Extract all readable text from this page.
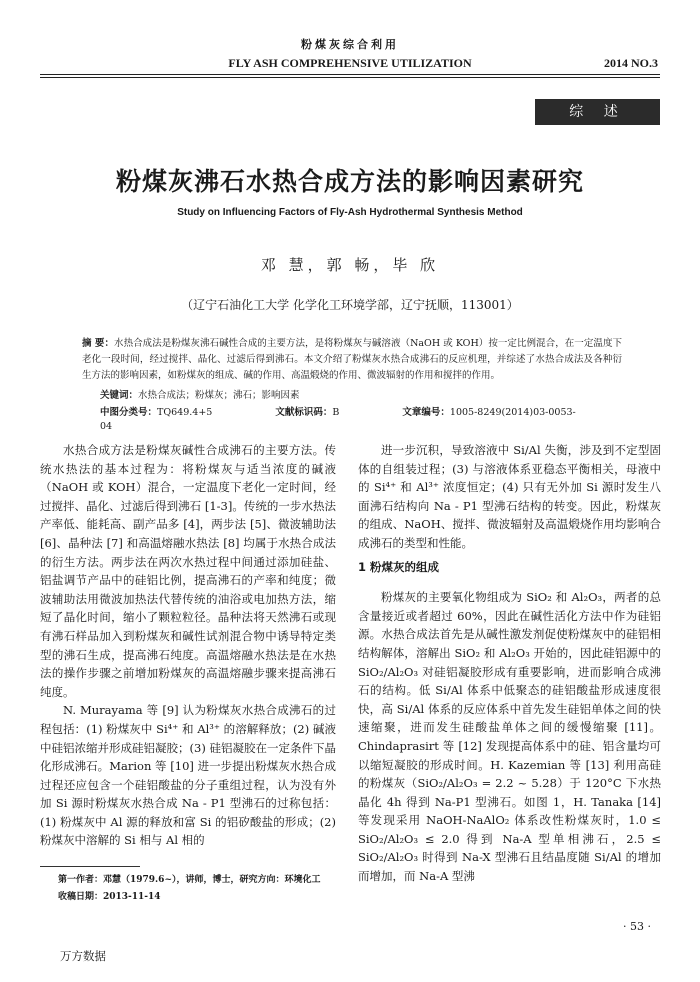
粉煤灰综合利用
FLY ASH COMPREHENSIVE UTILIZATION	2014 NO.3
综 述
粉煤灰沸石水热合成方法的影响因素研究
Study on Influencing Factors of Fly-Ash Hydrothermal Synthesis Method
邓 慧，郭 畅，毕 欣
（辽宁石油化工大学 化学化工环境学部，辽宁抚顺，113001）
摘 要：水热合成法是粉煤灰沸石碱性合成的主要方法，是将粉煤灰与碱溶液（NaOH 或 KOH）按一定比例混合，在一定温度下老化一段时间，经过搅拌、晶化、过滤后得到沸石。本文介绍了粉煤灰水热合成沸石的反应机理，并综述了水热合成法及各种衍生方法的影响因素，如粉煤灰的组成、碱的作用、高温煅烧的作用、微波辐射的作用和搅拌的作用。
关键词：水热合成法；粉煤灰；沸石；影响因素
中图分类号：TQ649.4+5	文献标识码：B	文章编号：1005-8249(2014)03-0053-04

水热合成方法是粉煤灰碱性合成沸石的主要方法。传统水热法的基本过程为：将粉煤灰与适当浓度的碱液（NaOH 或 KOH）混合，一定温度下老化一定时间，经过搅拌、晶化、过滤后得到沸石 [1-3]。传统的一步水热法产率低、能耗高、副产品多 [4]，两步法 [5]、微波辅助法 [6]、晶种法 [7] 和高温熔融水热法 [8] 均属于水热合成法的衍生方法。两步法在两次水热过程中间通过添加硅盐、铝盐调节产品中的硅铝比例，提高沸石的产率和纯度；微波辅助法用微波加热法代替传统的油浴或电加热方法，缩短了晶化时间，缩小了颗粒粒径。晶种法将天然沸石或现有沸石样品加入到粉煤灰和碱性试剂混合物中诱导特定类型的沸石生成，提高沸石纯度。高温熔融水热法是在水热法的操作步骤之前增加粉煤灰的高温熔融步骤来提高沸石纯度。

N. Murayama 等 [9] 认为粉煤灰水热合成沸石的过程包括：(1) 粉煤灰中 Si⁴⁺ 和 Al³⁺ 的溶解释放；(2) 碱液中硅铝浓缩并形成硅铝凝胶；(3) 硅铝凝胶在一定条件下晶化形成沸石。Marion 等 [10] 进一步提出粉煤灰水热合成过程还应包含一个硅铝酸盐的分子重组过程，认为没有外加 Si 源时粉煤灰水热合成 Na - P1 型沸石的过称包括：(1) 粉煤灰中 Al 源的释放和富 Si 的铝矽酸盐的形成；(2) 粉煤灰中溶解的 Si 相与 Al 相的

进一步沉积，导致溶液中 Si/Al 失衡，涉及到不定型固体的自组装过程；(3) 与溶液体系亚稳态平衡相关，母液中的 Si⁴⁺ 和 Al³⁺ 浓度恒定；(4) 只有无外加 Si 源时发生八面沸石结构向 Na - P1 型沸石结构的转变。因此，粉煤灰的组成、NaOH、搅拌、微波辐射及高温煅烧作用均影响合成沸石的类型和性能。

1 粉煤灰的组成

粉煤灰的主要氧化物组成为 SiO₂ 和 Al₂O₃，两者的总含量接近或者超过 60%，因此在碱性活化方法中作为硅铝源。水热合成法首先是从碱性激发剂促使粉煤灰中的硅铝相结构解体，溶解出 SiO₂ 和 Al₂O₃ 开始的，因此硅铝源中的 SiO₂/Al₂O₃ 对硅铝凝胶形成有重要影响，进而影响合成沸石的结构。低 Si/Al 体系中低聚态的硅铝酸盐形成速度很快，高 Si/Al 体系的反应体系中首先发生硅铝单体之间的快速缩聚，进而发生硅酸盐单体之间的缓慢缩聚 [11]。Chindaprasirt 等 [12] 发现提高体系中的硅、铝含量均可以缩短凝胶的形成时间。H. Kazemian 等 [13] 利用高硅的粉煤灰（SiO₂/Al₂O₃ = 2.2 ~ 5.28）于 120°C 下水热晶化 4h 得到 Na-P1 型沸石。如图 1，H. Tanaka [14] 等发现采用 NaOH-NaAlO₂ 体系改性粉煤灰时，1.0 ≤ SiO₂/Al₂O₃ ≤ 2.0 得到 Na-A 型单相沸石，2.5 ≤ SiO₂/Al₂O₃ 时得到 Na-X 型沸石且结晶度随 Si/Al 的增加而增加，而 Na-A 型沸

第一作者：邓慧（1979.6~），讲师，博士，研究方向：环境化工
收稿日期：2013-11-14
· 53 ·
万方数据
